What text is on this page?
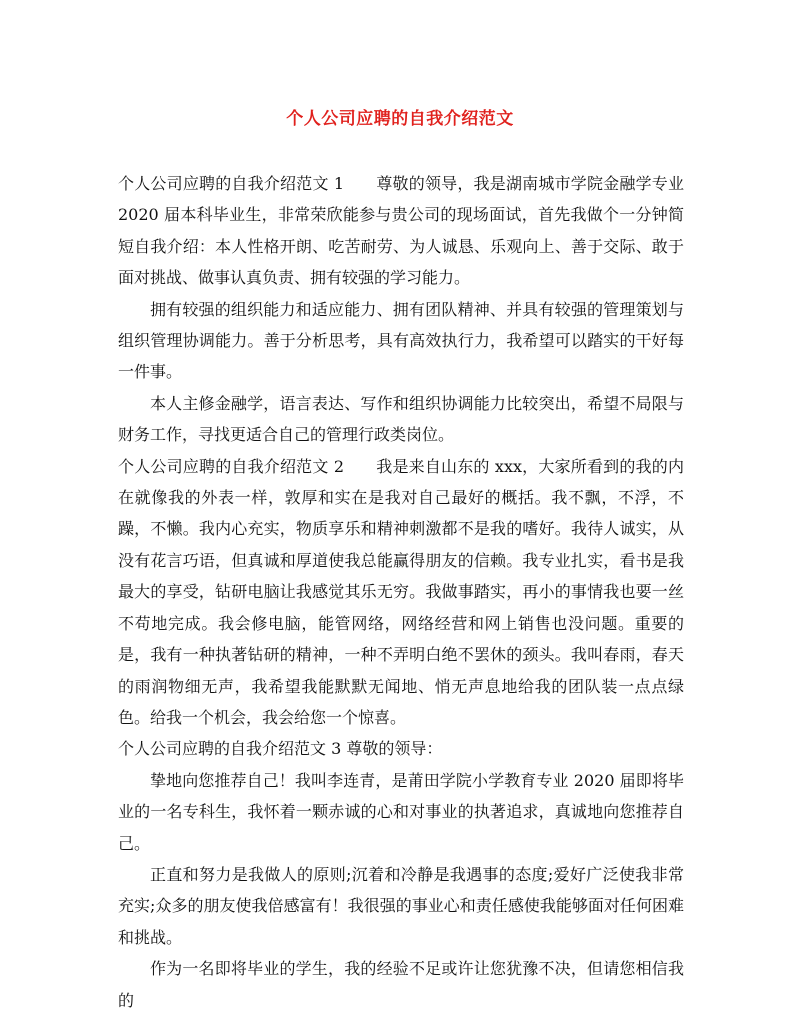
个人公司应聘的自我介绍范文

个人公司应聘的自我介绍范文 1 尊敬的领导，我是湖南城市学院金融学专业 2020 届本科毕业生，非常荣欣能参与贵公司的现场面试，首先我做个一分钟简短自我介绍：本人性格开朗、吃苦耐劳、为人诚恳、乐观向上、善于交际、敢于面对挑战、做事认真负责、拥有较强的学习能力。

拥有较强的组织能力和适应能力、拥有团队精神、并具有较强的管理策划与组织管理协调能力。善于分析思考，具有高效执行力，我希望可以踏实的干好每一件事。

本人主修金融学，语言表达、写作和组织协调能力比较突出，希望不局限与财务工作，寻找更适合自己的管理行政类岗位。

个人公司应聘的自我介绍范文 2 我是来自山东的 xxx，大家所看到的我的内在就像我的外表一样，敦厚和实在是我对自己最好的概括。我不飘，不浮，不躁，不懒。我内心充实，物质享乐和精神刺激都不是我的嗜好。我待人诚实，从没有花言巧语，但真诚和厚道使我总能赢得朋友的信赖。我专业扎实，看书是我最大的享受，钻研电脑让我感觉其乐无穷。我做事踏实，再小的事情我也要一丝不苟地完成。我会修电脑，能管网络，网络经营和网上销售也没问题。重要的是，我有一种执著钻研的精神，一种不弄明白绝不罢休的颈头。我叫春雨，春天的雨润物细无声，我希望我能默默无闻地、悄无声息地给我的团队装一点点绿色。给我一个机会，我会给您一个惊喜。

个人公司应聘的自我介绍范文 3 尊敬的领导：

挚地向您推荐自己！我叫李连青，是莆田学院小学教育专业 2020 届即将毕业的一名专科生，我怀着一颗赤诚的心和对事业的执著追求，真诚地向您推荐自己。

正直和努力是我做人的原则;沉着和冷静是我遇事的态度;爱好广泛使我非常充实;众多的朋友使我倍感富有！我很强的事业心和责任感使我能够面对任何困难和挑战。

作为一名即将毕业的学生，我的经验不足或许让您犹豫不决，但请您相信我的
